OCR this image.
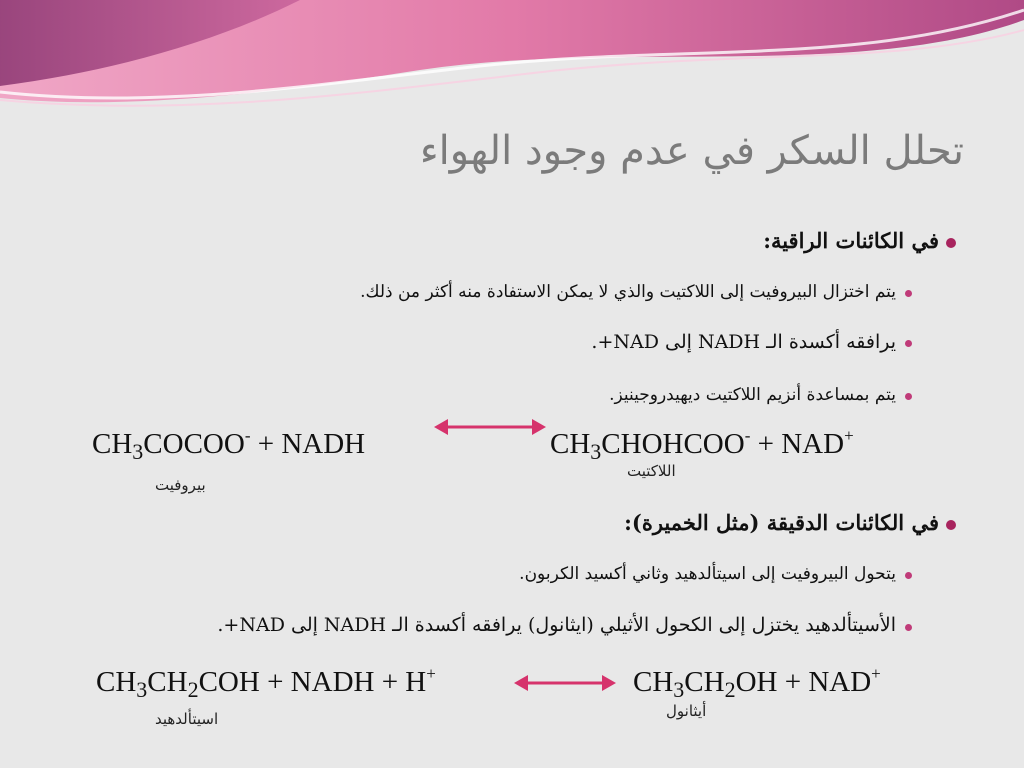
تحلل السكر في عدم وجود الهواء
في الكائنات الراقية:
يتم اختزال البيروفيت إلى اللاكتيت والذي لا يمكن الاستفادة منه أكثر من ذلك.
يرافقه أكسدة الـ NADH إلى NAD+.
يتم بمساعدة أنزيم اللاكتيت ديهيدروجينيز.
$CH_3COCOO^-$ + NADH	$CH_3CHOHCOO^- + NAD^+$
بيروفيت
اللاكتيت
في الكائنات الدقيقة (مثل الخميرة):
يتحول البيروفيت إلى اسيتألدهيد وثاني أكسيد الكربون.
الأسيتألدهيد يختزل إلى الكحول الأثيلي (ايثانول) يرافقه أكسدة الـ NADH إلى NAD+.
$CH_3CH_2COH$ + NADH + H+	$CH_3CH_2OH + NAD^+$
اسيتألدهيد	أيثانول
